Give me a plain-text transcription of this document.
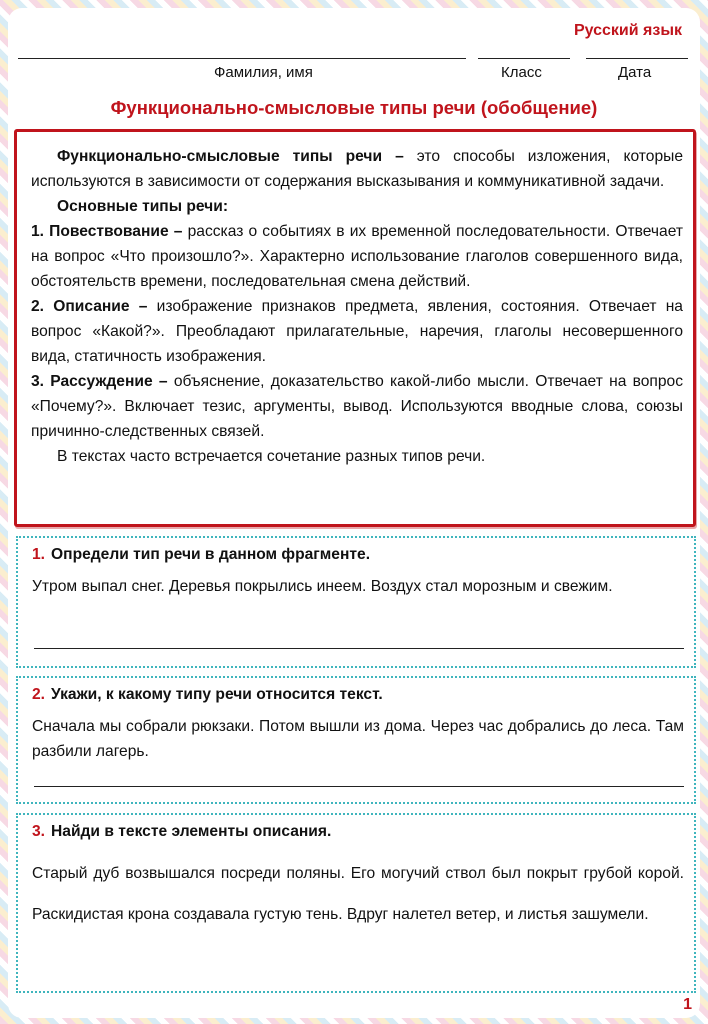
Русский язык
Фамилия, имя	Класс	Дата
Функционально-смысловые типы речи (обобщение)

Функционально-смысловые типы речи – это способы изложения, которые используются в зависимости от содержания высказывания и коммуникативной задачи.

Основные типы речи:

1. Повествование – рассказ о событиях в их временной последовательности. Отвечает на вопрос «Что произошло?». Характерно использование глаголов совершенного вида, обстоятельств времени, последовательная смена действий.

2. Описание – изображение признаков предмета, явления, состояния. Отвечает на вопрос «Какой?». Преобладают прилагательные, наречия, глаголы несовершенного вида, статичность изображения.

3. Рассуждение – объяснение, доказательство какой-либо мысли. Отвечает на вопрос «Почему?». Включает тезис, аргументы, вывод. Используются вводные слова, союзы причинно-следственных связей.

В текстах часто встречается сочетание разных типов речи.

1. Определи тип речи в данном фрагменте.
Утром выпал снег. Деревья покрылись инеем. Воздух стал морозным и свежим.
2. Укажи, к какому типу речи относится текст.
Сначала мы собрали рюкзаки. Потом вышли из дома. Через час добрались до леса. Там разбили лагерь.
3. Найди в тексте элементы описания.
Старый дуб возвышался посреди поляны. Его могучий ствол был покрыт грубой корой. Раскидистая крона создавала густую тень. Вдруг налетел ветер, и листья зашумели.
1
